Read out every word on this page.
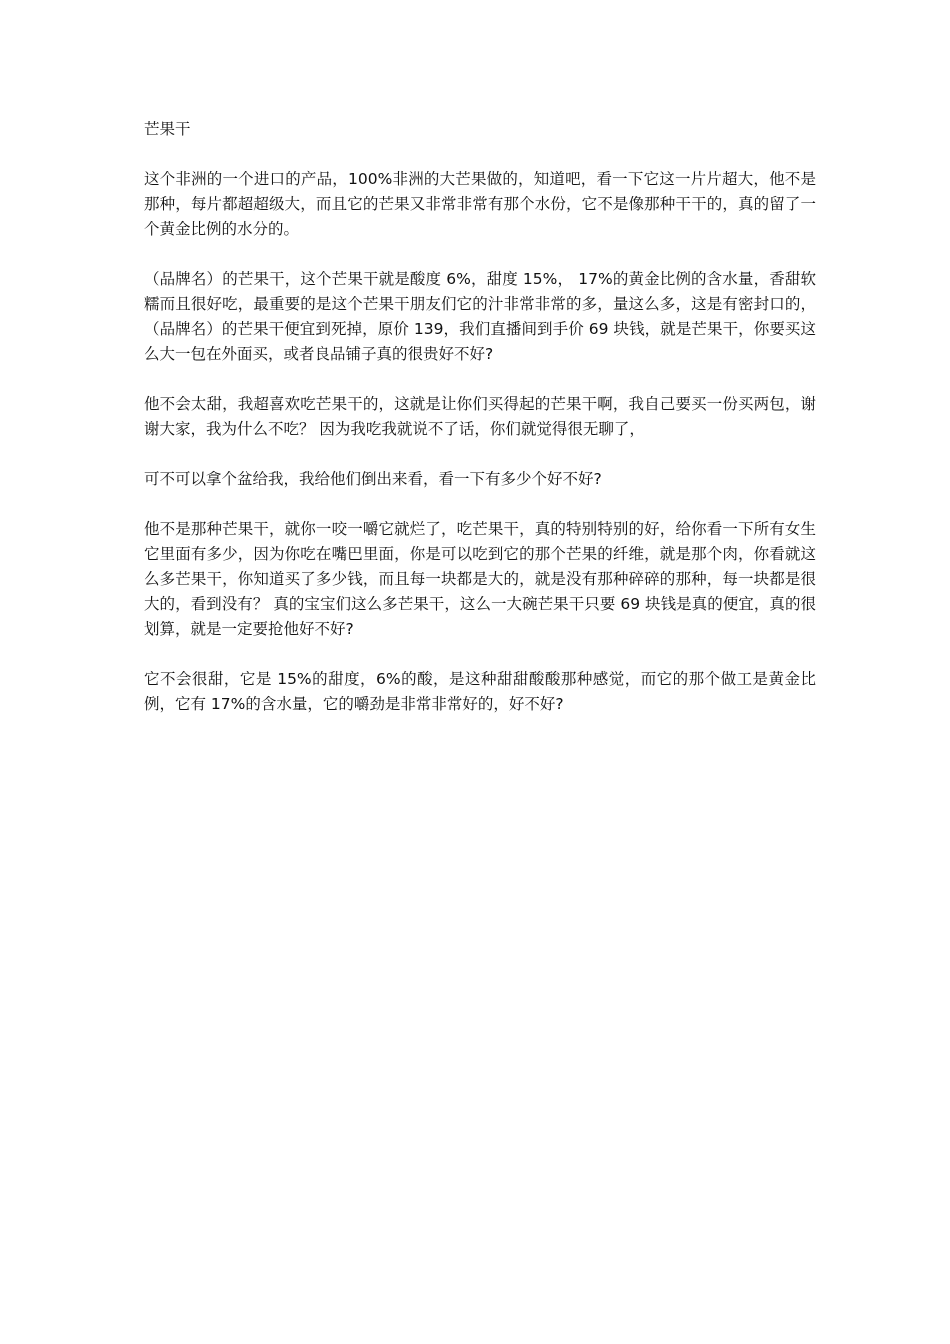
芒果干

这个非洲的一个进口的产品，100%非洲的大芒果做的，知道吧，看一下它这一片片超大，他不是那种，每片都超超级大，而且它的芒果又非常非常有那个水份，它不是像那种干干的，真的留了一个黄金比例的水分的。

（品牌名）的芒果干，这个芒果干就是酸度 6%，甜度 15%， 17%的黄金比例的含水量，香甜软糯而且很好吃，最重要的是这个芒果干朋友们它的汁非常非常的多，量这么多，这是有密封口的，（品牌名）的芒果干便宜到死掉，原价 139，我们直播间到手价 69 块钱，就是芒果干，你要买这么大一包在外面买，或者良品铺子真的很贵好不好?

他不会太甜，我超喜欢吃芒果干的，这就是让你们买得起的芒果干啊，我自己要买一份买两包，谢谢大家，我为什么不吃？ 因为我吃我就说不了话，你们就觉得很无聊了，

可不可以拿个盆给我，我给他们倒出来看，看一下有多少个好不好?

他不是那种芒果干，就你一咬一嚼它就烂了，吃芒果干，真的特别特别的好，给你看一下所有女生它里面有多少，因为你吃在嘴巴里面，你是可以吃到它的那个芒果的纤维，就是那个肉，你看就这么多芒果干，你知道买了多少钱，而且每一块都是大的，就是没有那种碎碎的那种，每一块都是很大的，看到没有？ 真的宝宝们这么多芒果干，这么一大碗芒果干只要 69 块钱是真的便宜，真的很划算，就是一定要抢他好不好?

它不会很甜，它是 15%的甜度，6%的酸，是这种甜甜酸酸那种感觉，而它的那个做工是黄金比例，它有 17%的含水量，它的嚼劲是非常非常好的，好不好?
